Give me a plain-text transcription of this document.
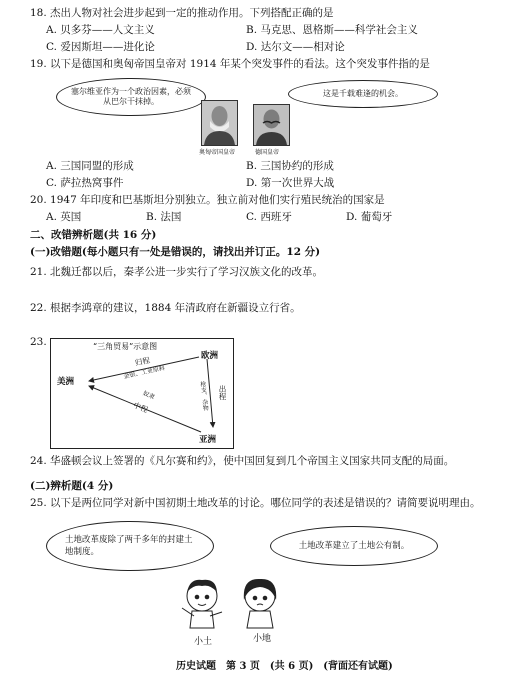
18. 杰出人物对社会进步起到一定的推动作用。下列搭配正确的是
A. 贝多芬——人文主义	B. 马克思、恩格斯——科学社会主义
C. 爱因斯坦——进化论	D. 达尔文——相对论
19. 以下是德国和奥匈帝国皇帝对 1914 年某个突发事件的看法。这个突发事件指的是
塞尔维亚作为一个政治因素，必须从巴尔干抹掉。
这是千载难逢的机会。
奥匈帝国皇帝	德国皇帝
A. 三国同盟的形成	B. 三国协约的形成
C. 萨拉热窝事件	D. 第一次世界大战
20. 1947 年印度和巴基斯坦分别独立。独立前对他们实行殖民统治的国家是
A. 英国	B. 法国	C. 西班牙	D. 葡萄牙
二、改错辨析题(共 16 分)
(一)改错题(每小题只有一处是错误的，请找出并订正。12 分)
21. 北魏迁都以后，秦孝公进一步实行了学习汉族文化的改革。
22. 根据李鸿章的建议，1884 年清政府在新疆设立行省。
23.	“三角贸易”示意图
欧洲
美洲
亚洲
归程
金银、工业原料
出程
枪支、杂物
中程
奴隶
24. 华盛顿会议上签署的《凡尔赛和约》，使中国回复到几个帝国主义国家共同支配的局面。
(二)辨析题(4 分)
25. 以下是两位同学对新中国初期土地改革的讨论。哪位同学的表述是错误的？请简要说明理由。
土地改革废除了两千多年的封建土地制度。
土地改革建立了土地公有制。
小土	小地
历史试题　第 3 页　(共 6 页)　(背面还有试题)
